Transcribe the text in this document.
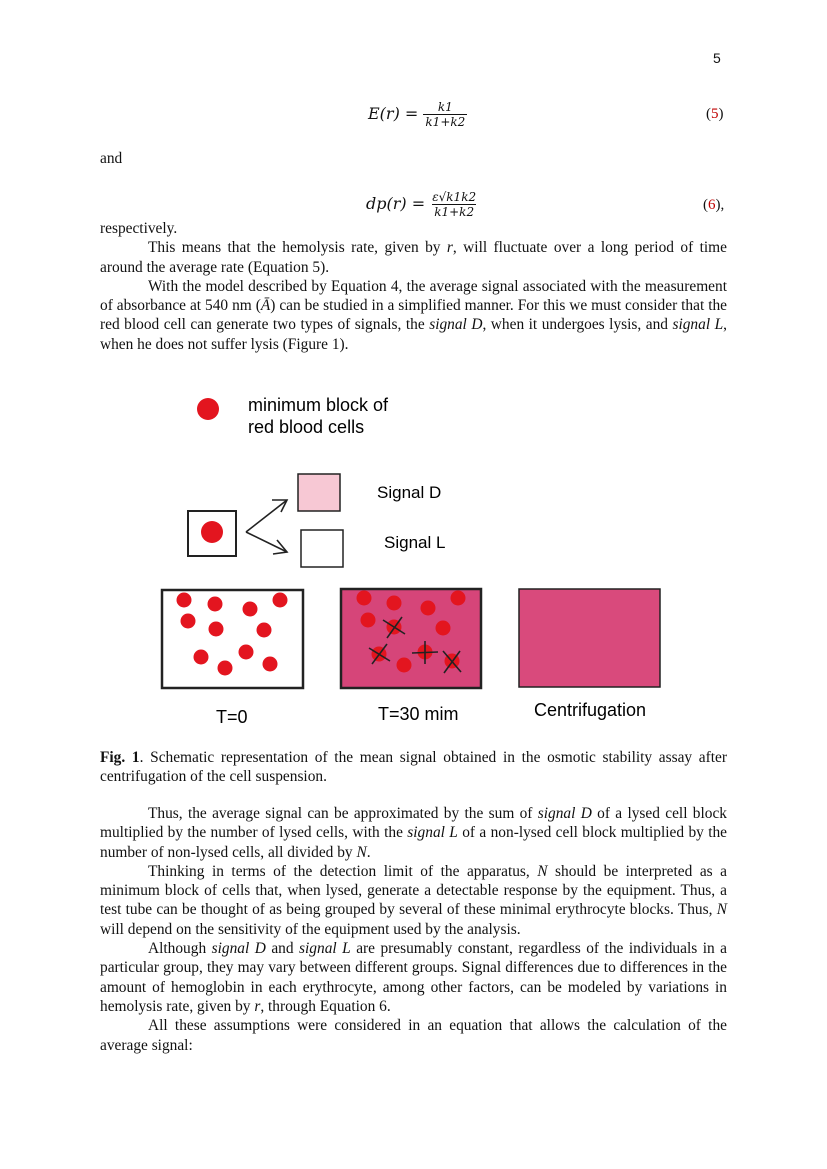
5
$E(r) = \frac{k1}{k1+k2}$	(5)
and
$dp(r) = \frac{\varepsilon√k1k2}{k1+k2}$	(6),
respectively.
This means that the hemolysis rate, given by r, will fluctuate over a long period of time around the average rate (Equation 5).
With the model described by Equation 4, the average signal associated with the measurement of absorbance at 540 nm (Ā) can be studied in a simplified manner. For this we must consider that the red blood cell can generate two types of signals, the signal D, when it undergoes lysis, and signal L, when he does not suffer lysis (Figure 1).
minimum block of
red blood cells
Signal D
Signal L
T=0	T=30 mim	Centrifugation
Fig. 1. Schematic representation of the mean signal obtained in the osmotic stability assay after centrifugation of the cell suspension.
Thus, the average signal can be approximated by the sum of signal D of a lysed cell block multiplied by the number of lysed cells, with the signal L of a non-lysed cell block multiplied by the number of non-lysed cells, all divided by N.
Thinking in terms of the detection limit of the apparatus, N should be interpreted as a minimum block of cells that, when lysed, generate a detectable response by the equipment. Thus, a test tube can be thought of as being grouped by several of these minimal erythrocyte blocks. Thus, N will depend on the sensitivity of the equipment used by the analysis.
Although signal D and signal L are presumably constant, regardless of the individuals in a particular group, they may vary between different groups. Signal differences due to differences in the amount of hemoglobin in each erythrocyte, among other factors, can be modeled by variations in hemolysis rate, given by r, through Equation 6.
All these assumptions were considered in an equation that allows the calculation of the average signal:
